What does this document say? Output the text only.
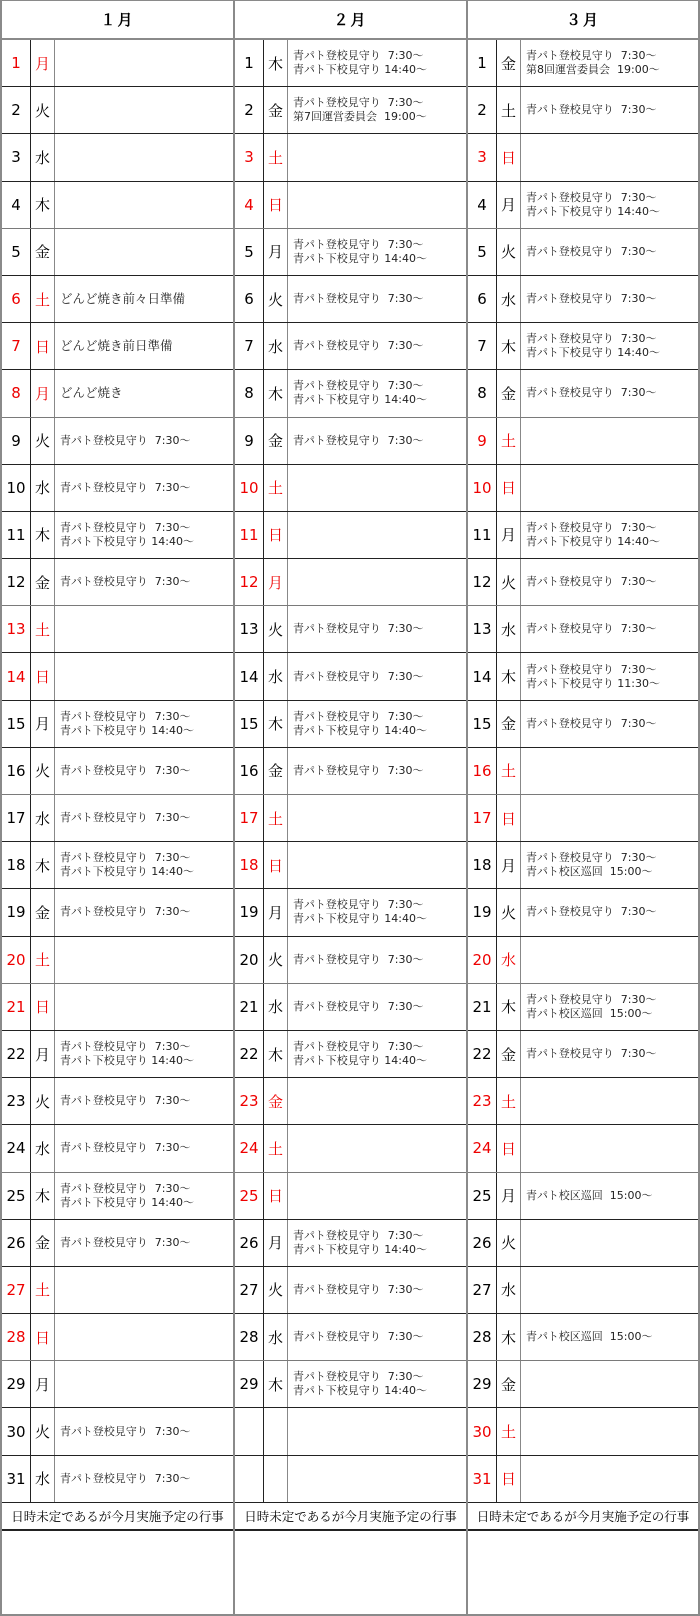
１月
1 月
2 火
3 水
4 木
5 金
6 土 どんど焼き前々日準備
7 日 どんど焼き前日準備
8 月 どんど焼き
9 火 青パト登校見守り  7:30～
10 水 青パト登校見守り  7:30～
11 木 青パト登校見守り  7:30～
青パト下校見守り 14:40～
12 金 青パト登校見守り  7:30～
13 土
14 日
15 月 青パト登校見守り  7:30～
青パト下校見守り 14:40～
16 火 青パト登校見守り  7:30～
17 水 青パト登校見守り  7:30～
18 木 青パト登校見守り  7:30～
青パト下校見守り 14:40～
19 金 青パト登校見守り  7:30～
20 土
21 日
22 月 青パト登校見守り  7:30～
青パト下校見守り 14:40～
23 火 青パト登校見守り  7:30～
24 水 青パト登校見守り  7:30～
25 木 青パト登校見守り  7:30～
青パト下校見守り 14:40～
26 金 青パト登校見守り  7:30～
27 土
28 日
29 月
30 火 青パト登校見守り  7:30～
31 水 青パト登校見守り  7:30～
日時未定であるが今月実施予定の行事
２月
1 木 青パト登校見守り  7:30～
青パト下校見守り 14:40～
2 金 青パト登校見守り  7:30～
第7回運営委員会  19:00～
3 土
4 日
5 月 青パト登校見守り  7:30～
青パト下校見守り 14:40～
6 火 青パト登校見守り  7:30～
7 水 青パト登校見守り  7:30～
8 木 青パト登校見守り  7:30～
青パト下校見守り 14:40～
9 金 青パト登校見守り  7:30～
10 土
11 日
12 月
13 火 青パト登校見守り  7:30～
14 水 青パト登校見守り  7:30～
15 木 青パト登校見守り  7:30～
青パト下校見守り 14:40～
16 金 青パト登校見守り  7:30～
17 土
18 日
19 月 青パト登校見守り  7:30～
青パト下校見守り 14:40～
20 火 青パト登校見守り  7:30～
21 水 青パト登校見守り  7:30～
22 木 青パト登校見守り  7:30～
青パト下校見守り 14:40～
23 金
24 土
25 日
26 月 青パト登校見守り  7:30～
青パト下校見守り 14:40～
27 火 青パト登校見守り  7:30～
28 水 青パト登校見守り  7:30～
29 木 青パト登校見守り  7:30～
青パト下校見守り 14:40～
日時未定であるが今月実施予定の行事
３月
1 金 青パト登校見守り  7:30～
第8回運営委員会  19:00～
2 土 青パト登校見守り  7:30～
3 日
4 月 青パト登校見守り  7:30～
青パト下校見守り 14:40～
5 火 青パト登校見守り  7:30～
6 水 青パト登校見守り  7:30～
7 木 青パト登校見守り  7:30～
青パト下校見守り 14:40～
8 金 青パト登校見守り  7:30～
9 土
10 日
11 月 青パト登校見守り  7:30～
青パト下校見守り 14:40～
12 火 青パト登校見守り  7:30～
13 水 青パト登校見守り  7:30～
14 木 青パト登校見守り  7:30～
青パト下校見守り 11:30～
15 金 青パト登校見守り  7:30～
16 土
17 日
18 月 青パト登校見守り  7:30～
青パト校区巡回  15:00～
19 火 青パト登校見守り  7:30～
20 水
21 木 青パト登校見守り  7:30～
青パト校区巡回  15:00～
22 金 青パト登校見守り  7:30～
23 土
24 日
25 月 青パト校区巡回  15:00～
26 火
27 水
28 木 青パト校区巡回  15:00～
29 金
30 土
31 日
日時未定であるが今月実施予定の行事
